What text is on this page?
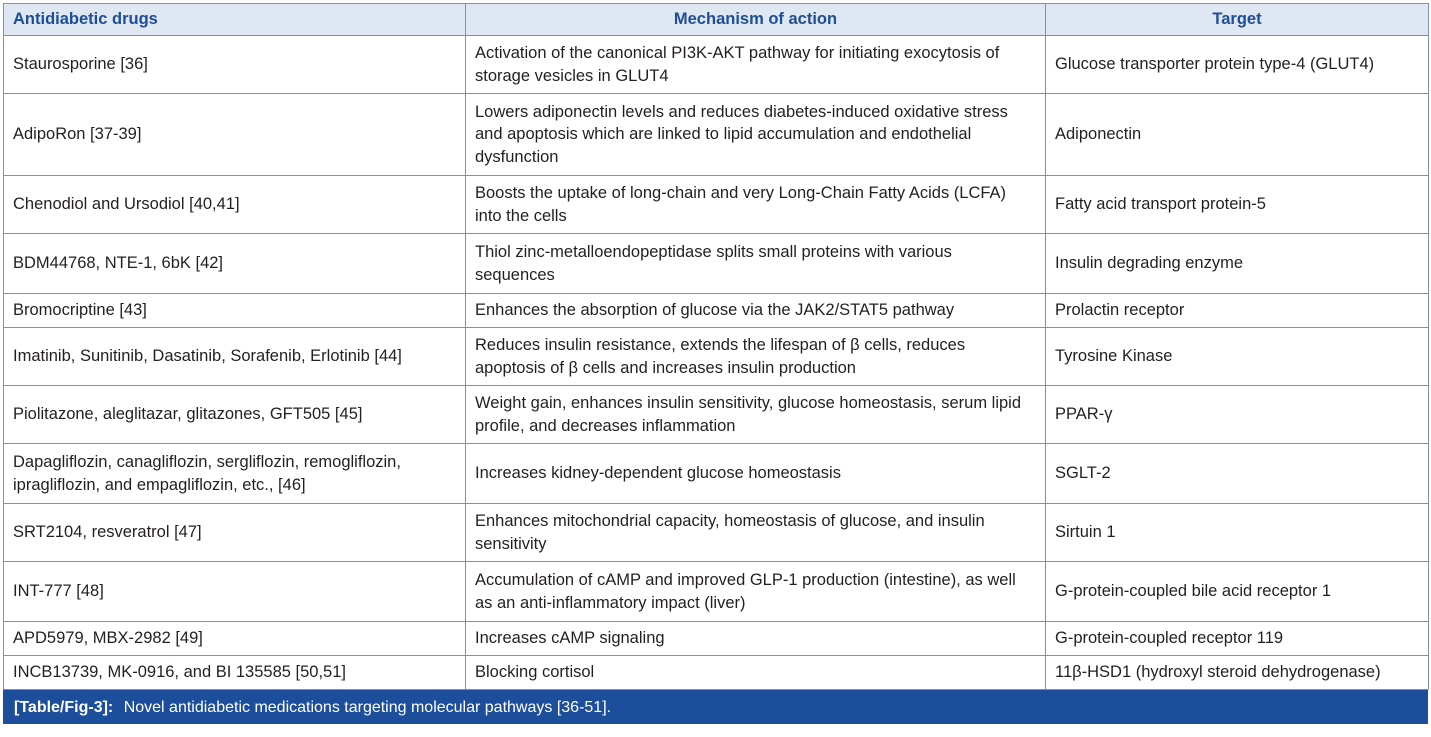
Antidiabetic drugs	Mechanism of action	Target
Staurosporine [36]	Activation of the canonical PI3K-AKT pathway for initiating exocytosis of storage vesicles in GLUT4	Glucose transporter protein type-4 (GLUT4)
AdipoRon [37-39]	Lowers adiponectin levels and reduces diabetes-induced oxidative stress and apoptosis which are linked to lipid accumulation and endothelial dysfunction	Adiponectin
Chenodiol and Ursodiol [40,41]	Boosts the uptake of long-chain and very Long-Chain Fatty Acids (LCFA) into the cells	Fatty acid transport protein-5
BDM44768, NTE-1, 6bK [42]	Thiol zinc-metalloendopeptidase splits small proteins with various sequences	Insulin degrading enzyme
Bromocriptine [43]	Enhances the absorption of glucose via the JAK2/STAT5 pathway	Prolactin receptor
Imatinib, Sunitinib, Dasatinib, Sorafenib, Erlotinib [44]	Reduces insulin resistance, extends the lifespan of β cells, reduces apoptosis of β cells and increases insulin production	Tyrosine Kinase
Piolitazone, aleglitazar, glitazones, GFT505 [45]	Weight gain, enhances insulin sensitivity, glucose homeostasis, serum lipid profile, and decreases inflammation	PPAR-γ
Dapagliflozin, canagliflozin, sergliflozin, remogliflozin, ipragliflozin, and empagliflozin, etc., [46]	Increases kidney-dependent glucose homeostasis	SGLT-2
SRT2104, resveratrol [47]	Enhances mitochondrial capacity, homeostasis of glucose, and insulin sensitivity	Sirtuin 1
INT-777 [48]	Accumulation of cAMP and improved GLP-1 production (intestine), as well as an anti-inflammatory impact (liver)	G-protein-coupled bile acid receptor 1
APD5979, MBX-2982 [49]	Increases cAMP signaling	G-protein-coupled receptor 119
INCB13739, MK-0916, and BI 135585 [50,51]	Blocking cortisol	11β-HSD1 (hydroxyl steroid dehydrogenase)
[Table/Fig-3]: Novel antidiabetic medications targeting molecular pathways [36-51].
